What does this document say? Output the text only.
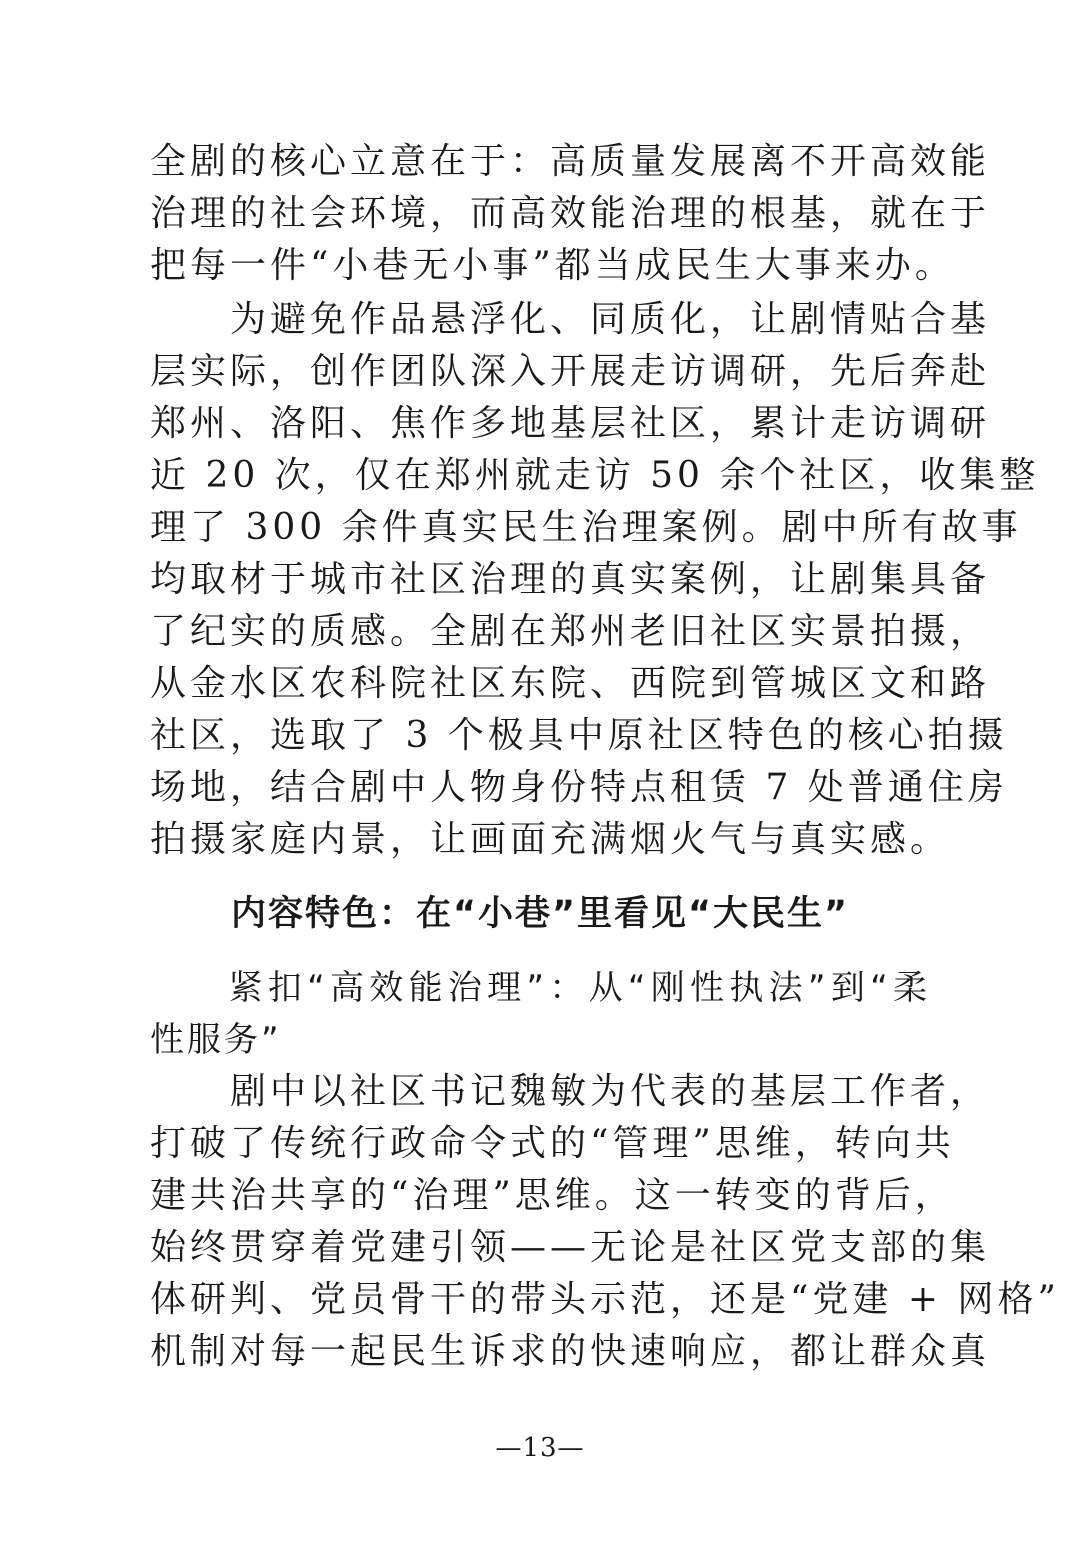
全剧的核心立意在于：高质量发展离不开高效能
治理的社会环境，而高效能治理的根基，就在于
把每一件“小巷无小事”都当成民生大事来办。
　　为避免作品悬浮化、同质化，让剧情贴合基
层实际，创作团队深入开展走访调研，先后奔赴
郑州、洛阳、焦作多地基层社区，累计走访调研
近 20 次，仅在郑州就走访 50 余个社区，收集整
理了 300 余件真实民生治理案例。剧中所有故事
均取材于城市社区治理的真实案例，让剧集具备
了纪实的质感。全剧在郑州老旧社区实景拍摄，
从金水区农科院社区东院、西院到管城区文和路
社区，选取了 3 个极具中原社区特色的核心拍摄
场地，结合剧中人物身份特点租赁 7 处普通住房
拍摄家庭内景，让画面充满烟火气与真实感。
内容特色：在“小巷”里看见“大民生”
　　紧扣“高效能治理”：从“刚性执法”到“柔
性服务”
　　剧中以社区书记魏敏为代表的基层工作者，
打破了传统行政命令式的“管理”思维，转向共
建共治共享的“治理”思维。这一转变的背后，
始终贯穿着党建引领——无论是社区党支部的集
体研判、党员骨干的带头示范，还是“党建 + 网格”
机制对每一起民生诉求的快速响应，都让群众真
—13—
